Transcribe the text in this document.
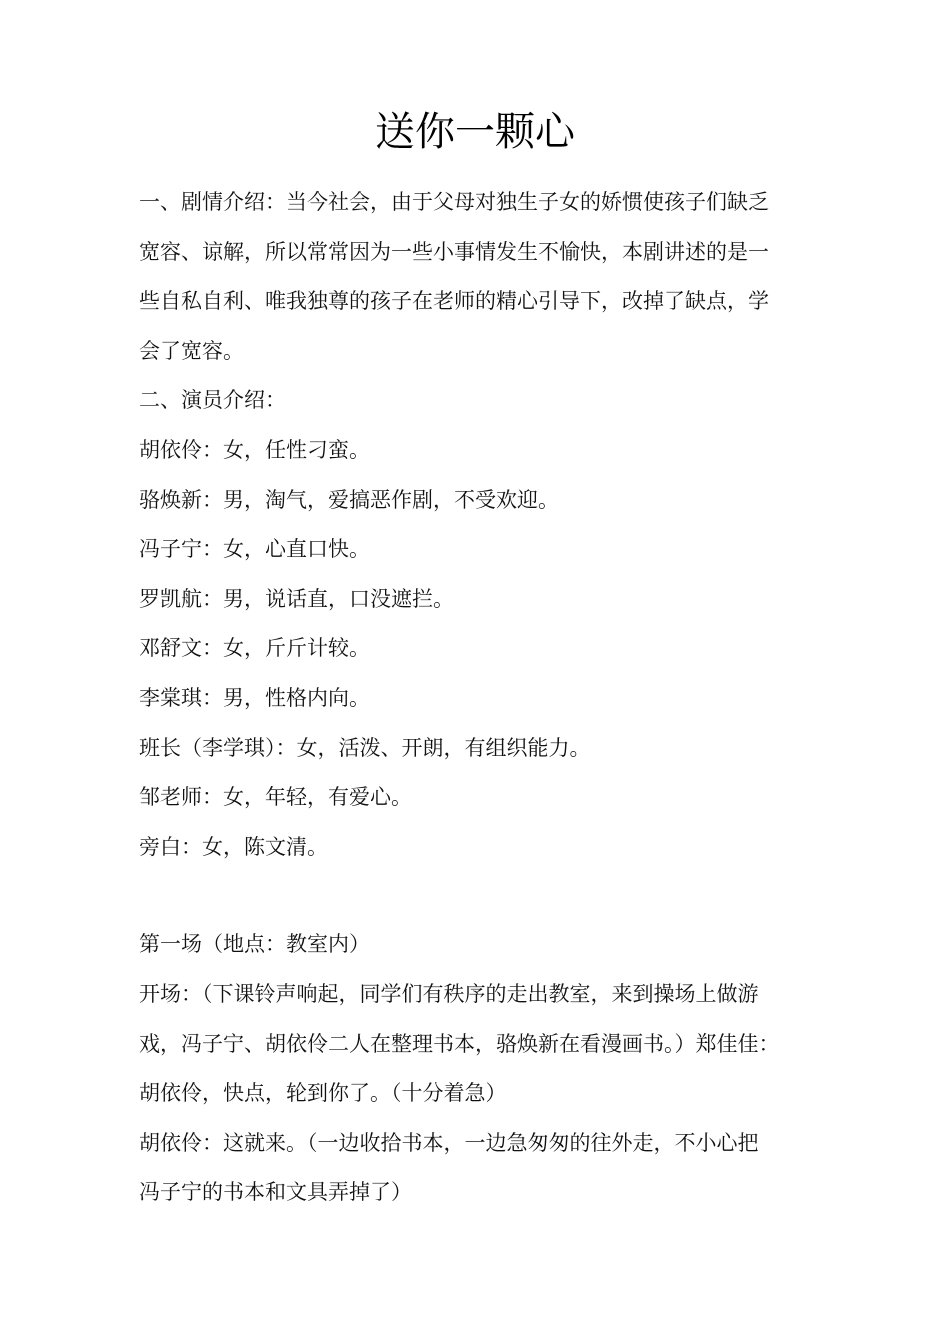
送你一颗心

一、剧情介绍：当今社会，由于父母对独生子女的娇惯使孩子们缺乏

宽容、谅解，所以常常因为一些小事情发生不愉快，本剧讲述的是一

些自私自利、唯我独尊的孩子在老师的精心引导下，改掉了缺点，学

会了宽容。

二、演员介绍：

胡依伶：女，任性刁蛮。

骆焕新：男，淘气，爱搞恶作剧，不受欢迎。

冯子宁：女，心直口快。

罗凯航：男，说话直，口没遮拦。

邓舒文：女，斤斤计较。

李棠琪：男，性格内向。

班长（李学琪）：女，活泼、开朗，有组织能力。

邹老师：女，年轻，有爱心。

旁白：女，陈文清。

第一场（地点：教室内）

开场：（下课铃声响起，同学们有秩序的走出教室，来到操场上做游

戏，冯子宁、胡依伶二人在整理书本，骆焕新在看漫画书。）郑佳佳：

胡依伶，快点，轮到你了。（十分着急）

胡依伶：这就来。（一边收拾书本，一边急匆匆的往外走，不小心把

冯子宁的书本和文具弄掉了）
